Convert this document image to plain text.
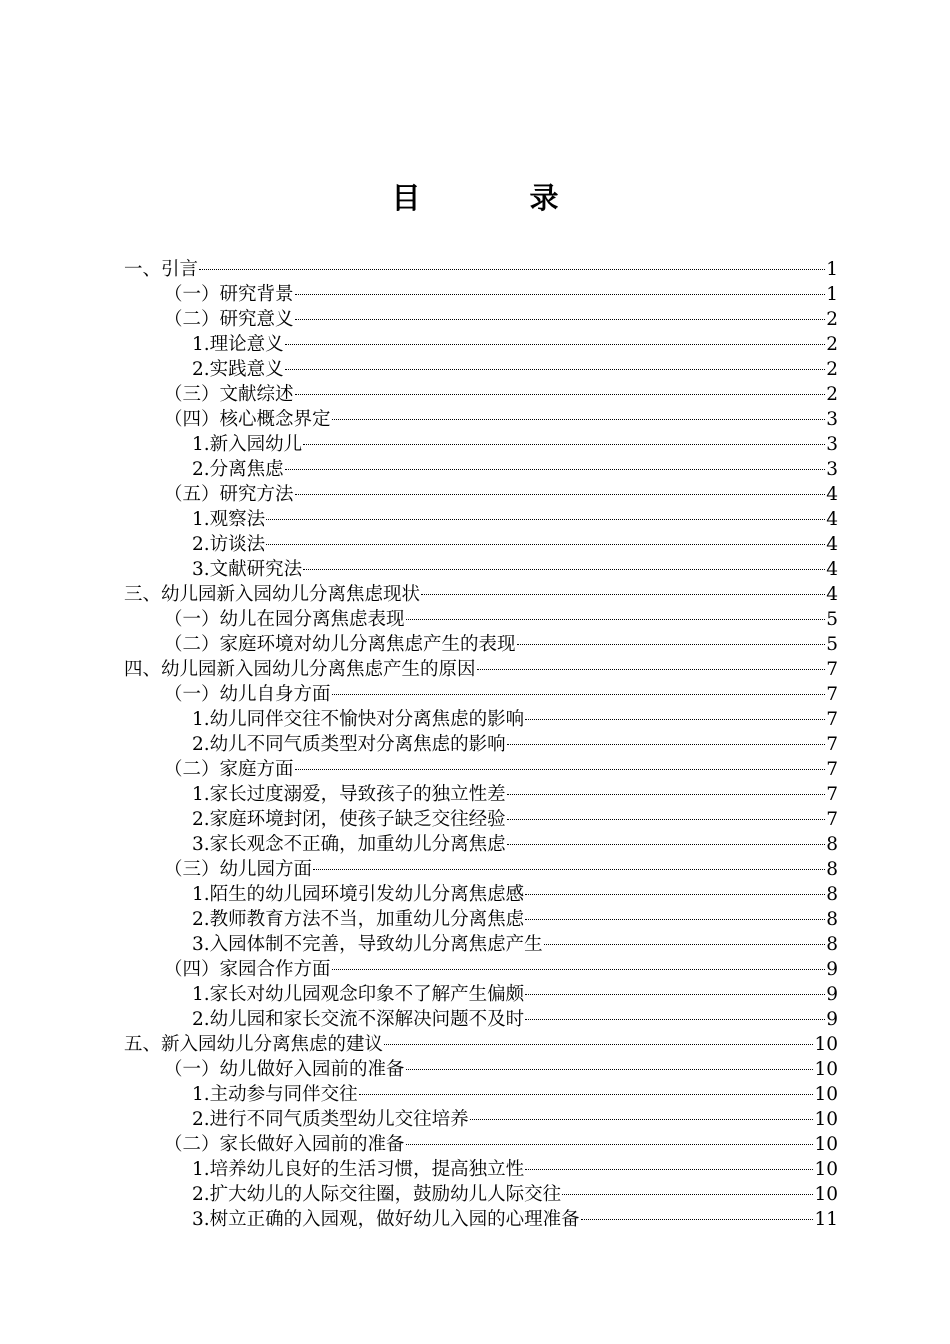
目　录
一、引言	1
（一）研究背景	1
（二）研究意义	2
1.理论意义	2
2.实践意义	2
（三）文献综述	2
（四）核心概念界定	3
1.新入园幼儿	3
2.分离焦虑	3
（五）研究方法	4
1.观察法	4
2.访谈法	4
3.文献研究法	4
三、幼儿园新入园幼儿分离焦虑现状	4
（一）幼儿在园分离焦虑表现	5
（二）家庭环境对幼儿分离焦虑产生的表现	5
四、幼儿园新入园幼儿分离焦虑产生的原因	7
（一）幼儿自身方面	7
1.幼儿同伴交往不愉快对分离焦虑的影响	7
2.幼儿不同气质类型对分离焦虑的影响	7
（二）家庭方面	7
1.家长过度溺爱，导致孩子的独立性差	7
2.家庭环境封闭，使孩子缺乏交往经验	7
3.家长观念不正确，加重幼儿分离焦虑	8
（三）幼儿园方面	8
1.陌生的幼儿园环境引发幼儿分离焦虑感	8
2.教师教育方法不当，加重幼儿分离焦虑	8
3.入园体制不完善，导致幼儿分离焦虑产生	8
（四）家园合作方面	9
1.家长对幼儿园观念印象不了解产生偏颇	9
2.幼儿园和家长交流不深解决问题不及时	9
五、新入园幼儿分离焦虑的建议	10
（一）幼儿做好入园前的准备	10
1.主动参与同伴交往	10
2.进行不同气质类型幼儿交往培养	10
（二）家长做好入园前的准备	10
1.培养幼儿良好的生活习惯，提高独立性	10
2.扩大幼儿的人际交往圈，鼓励幼儿人际交往	10
3.树立正确的入园观，做好幼儿入园的心理准备	11
